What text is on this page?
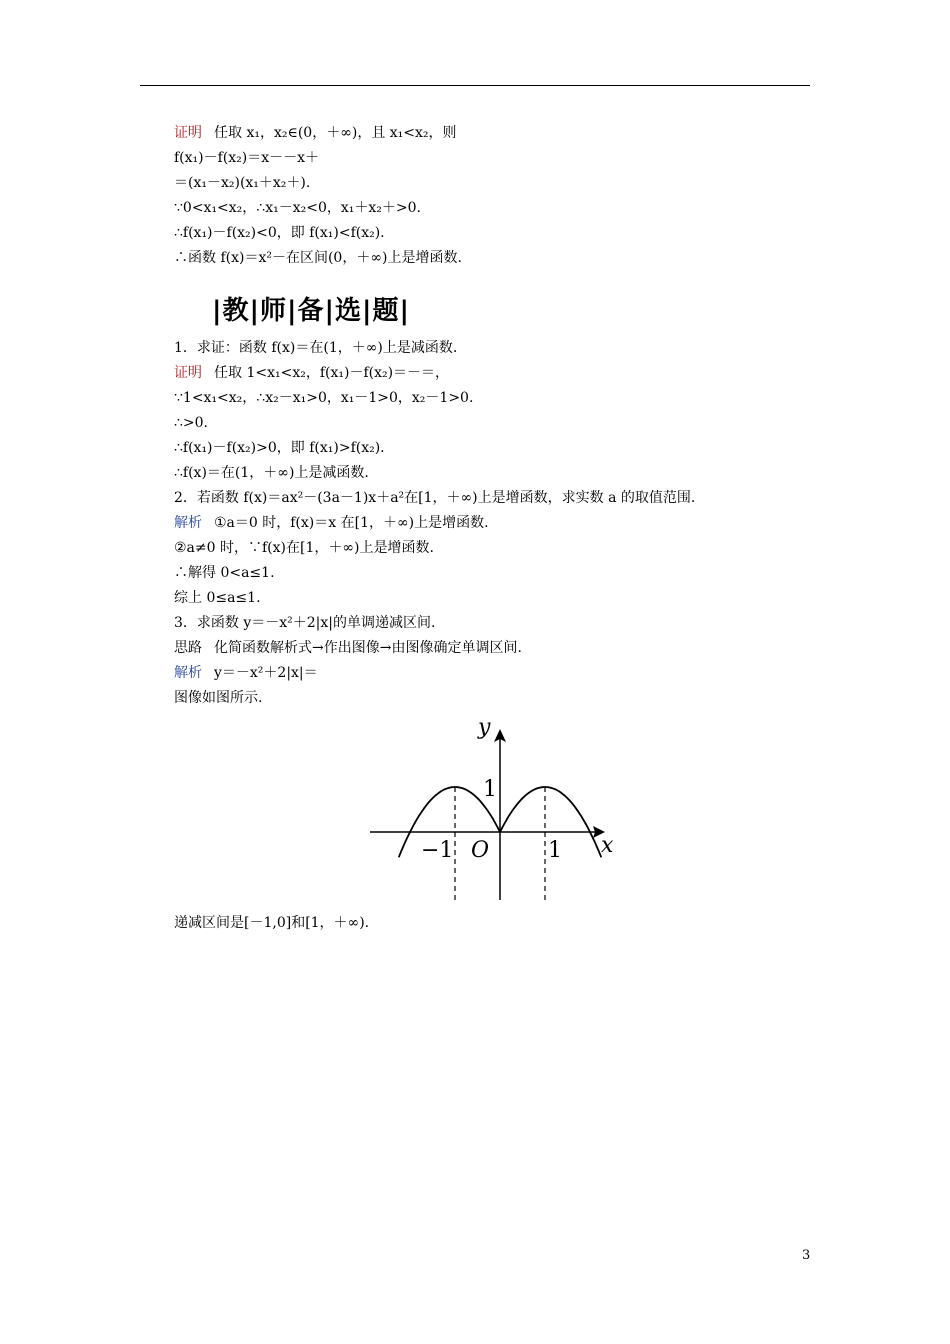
证明 任取 x₁，x₂∈(0，＋∞)，且 x₁<x₂，则
f(x₁)－f(x₂)＝x－－x＋
＝(x₁－x₂)(x₁＋x₂＋).
∵0<x₁<x₂，∴x₁－x₂<0，x₁＋x₂＋>0.
∴f(x₁)－f(x₂)<0，即 f(x₁)<f(x₂).
∴函数 f(x)＝x²－在区间(0，＋∞)上是增函数.
|教|师|备|选|题|
1．求证：函数 f(x)＝在(1，＋∞)上是减函数.
证明 任取 1<x₁<x₂，f(x₁)－f(x₂)＝－＝，
∵1<x₁<x₂，∴x₂－x₁>0，x₁－1>0，x₂－1>0.
∴>0.
∴f(x₁)－f(x₂)>0，即 f(x₁)>f(x₂).
∴f(x)＝在(1，＋∞)上是减函数.
2．若函数 f(x)＝ax²－(3a－1)x＋a²在[1，＋∞)上是增函数，求实数 a 的取值范围.
解析 ①a＝0 时，f(x)＝x 在[1，＋∞)上是增函数.
②a≠0 时，∵f(x)在[1，＋∞)上是增函数.
∴解得 0<a≤1.
综上 0≤a≤1.
3．求函数 y＝－x²＋2|x|的单调递减区间.
思路 化简函数解析式→作出图像→由图像确定单调区间.
解析 y＝－x²＋2|x|＝
图像如图所示.
y
x
1
−1 O	1
递减区间是[－1,0]和[1，＋∞).
3
